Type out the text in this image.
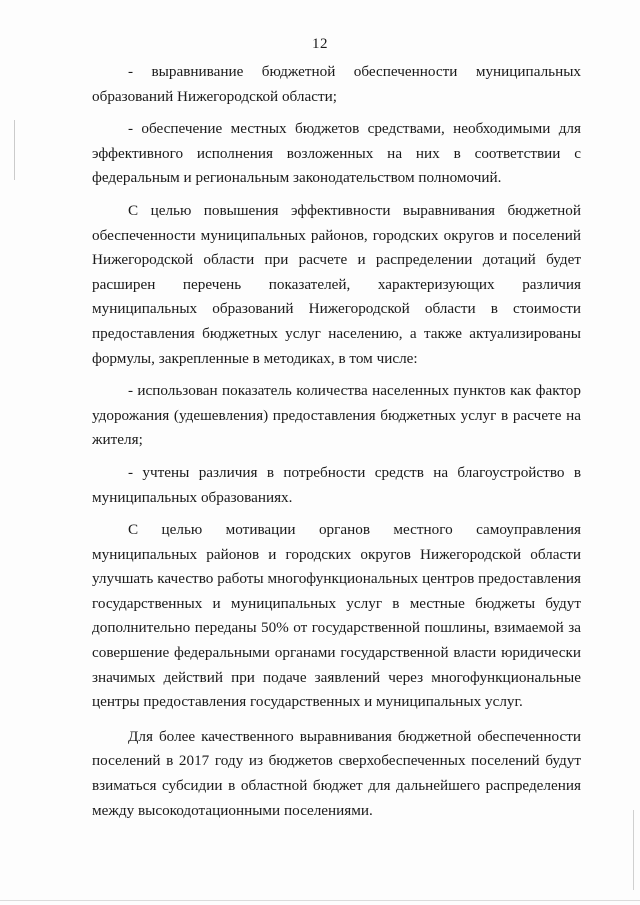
12

- выравнивание бюджетной обеспеченности муниципальных образований Нижегородской области;

- обеспечение местных бюджетов средствами, необходимыми для эффективного исполнения возложенных на них в соответствии с федеральным и региональным законодательством полномочий.

С целью повышения эффективности выравнивания бюджетной обеспеченности муниципальных районов, городских округов и поселений Нижегородской области при расчете и распределении дотаций будет расширен перечень показателей, характеризующих различия муниципальных образований Нижегородской области в стоимости предоставления бюджетных услуг населению, а также актуализированы формулы, закрепленные в методиках, в том числе:

- использован показатель количества населенных пунктов как фактор удорожания (удешевления) предоставления бюджетных услуг в расчете на жителя;

- учтены различия в потребности средств на благоустройство в муниципальных образованиях.

С целью мотивации органов местного самоуправления муниципальных районов и городских округов Нижегородской области улучшать качество работы многофункциональных центров предоставления государственных и муниципальных услуг в местные бюджеты будут дополнительно переданы 50% от государственной пошлины, взимаемой за совершение федеральными органами государственной власти юридически значимых действий при подаче заявлений через многофункциональные центры предоставления государственных и муниципальных услуг.

Для более качественного выравнивания бюджетной обеспеченности поселений в 2017 году из бюджетов сверхобеспеченных поселений будут взиматься субсидии в областной бюджет для дальнейшего распределения между высокодотационными поселениями.
